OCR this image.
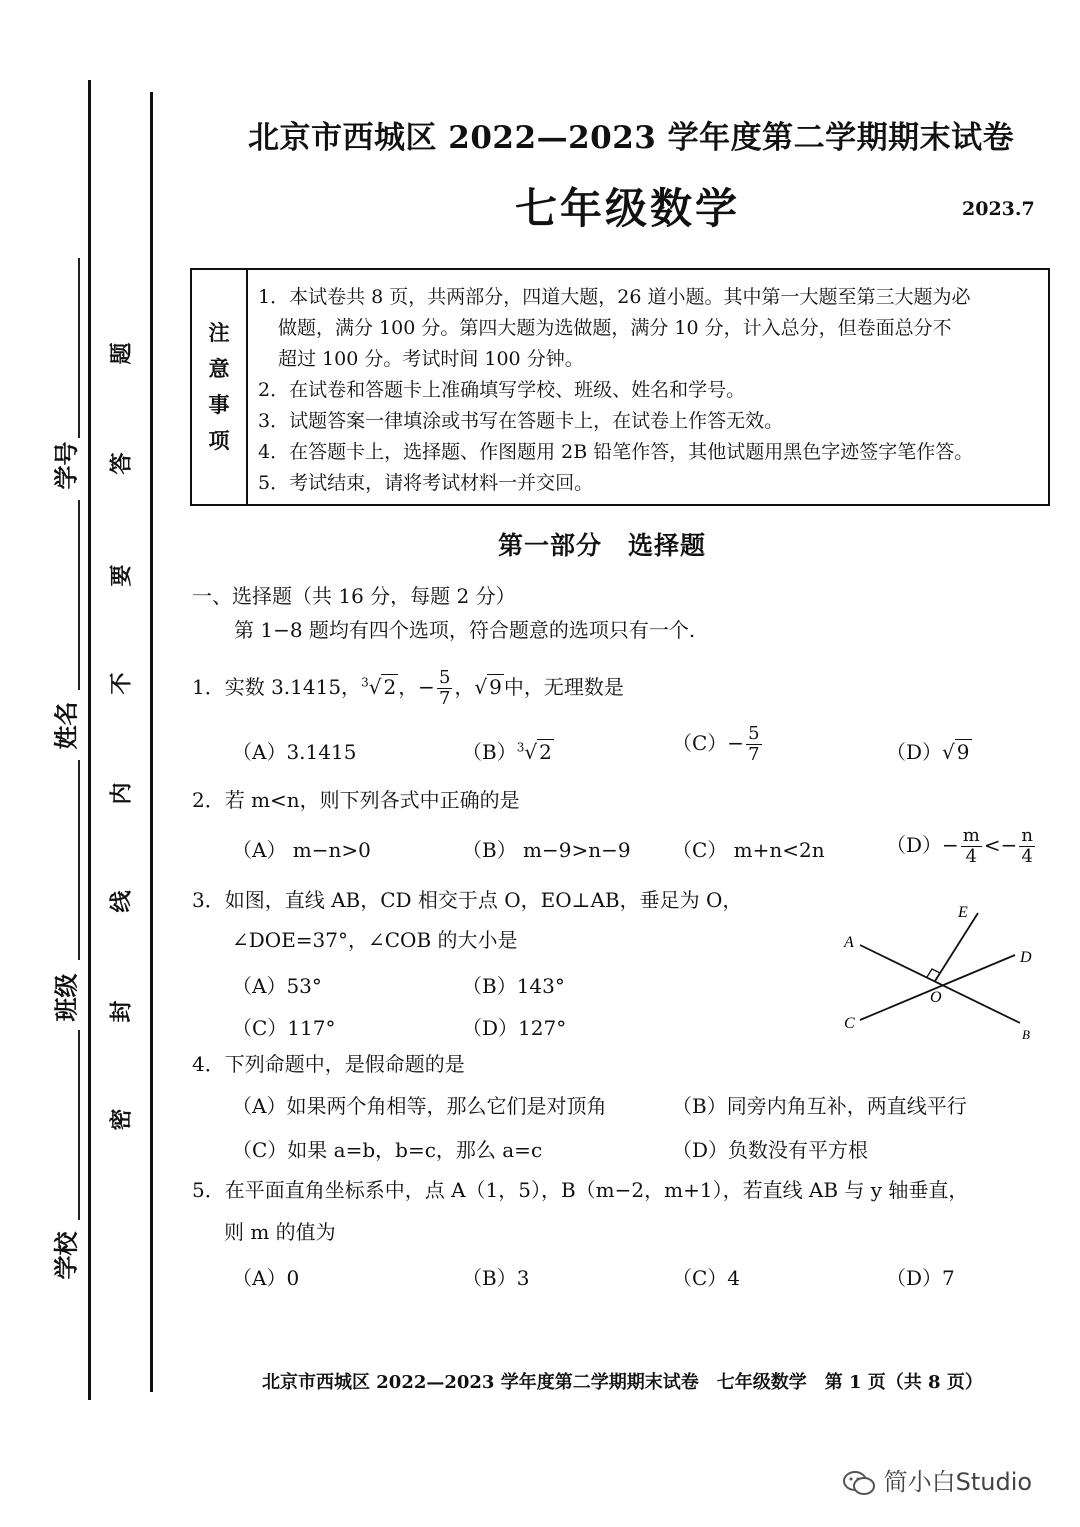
学号
姓名
班级
学校
题
答
要
不
内
线
封
密
北京市西城区 2022—2023 学年度第二学期期末试卷
七年级数学	2023.7
注
意
事
项
1．本试卷共 8 页，共两部分，四道大题，26 道小题。其中第一大题至第三大题为必
做题，满分 100 分。第四大题为选做题，满分 10 分，计入总分，但卷面总分不
超过 100 分。考试时间 100 分钟。
2．在试卷和答题卡上准确填写学校、班级、姓名和学号。
3．试题答案一律填涂或书写在答题卡上，在试卷上作答无效。
4．在答题卡上，选择题、作图题用 2B 铅笔作答，其他试题用黑色字迹签字笔作答。
5．考试结束，请将考试材料一并交回。
第一部分　选择题
一、选择题（共 16 分，每题 2 分）
第 1−8 题均有四个选项，符合题意的选项只有一个.
1．实数 3.1415，$^3$√ 2 ，− $\frac{5}{7}$ ，√ 9 中，无理数是
（A）3.1415	$(B)^3√$ 2	$(C)- \frac{5}{7}$	（D）√ 9
2．若 m<n，则下列各式中正确的是
（A） m−n>0	（B） m−9>n−9 （C） m+n<2n	$(D)- \frac{m}{4} <- \frac{n}{4}$
3．如图，直线 AB，CD 相交于点 O，EO⊥AB，垂足为 O，
∠DOE=37°，∠COB 的大小是
（A）53°	（B）143°
（C）117°	（D）127°
E
A
D
O
C
B
4．下列命题中，是假命题的是
（A）如果两个角相等，那么它们是对顶角	（B）同旁内角互补，两直线平行
（C）如果 a=b，b=c，那么 a=c	（D）负数没有平方根
5．在平面直角坐标系中，点 A（1，5），B（m−2，m+1），若直线 AB 与 y 轴垂直，
则 m 的值为
（A）0	（B）3	（C）4	（D）7
北京市西城区 2022—2023 学年度第二学期期末试卷　七年级数学　第 1 页（共 8 页）
简小白Studio
